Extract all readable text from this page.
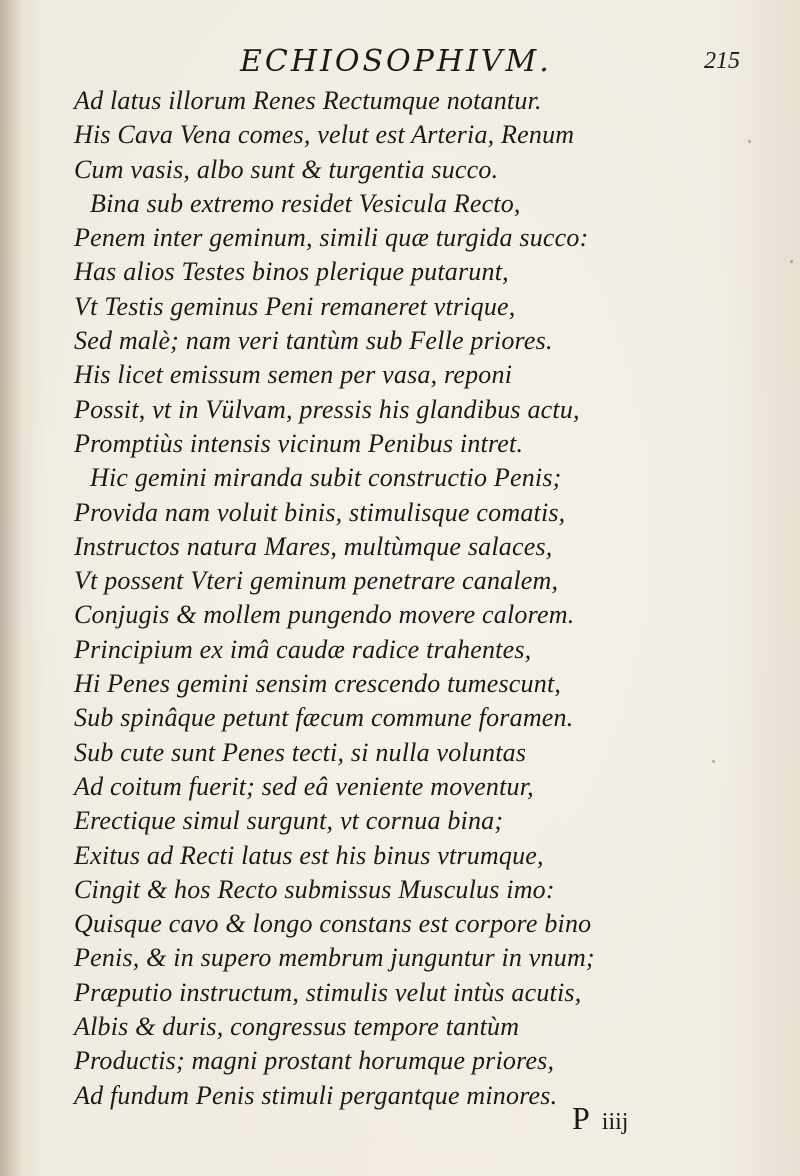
ECHIOSOPHIVM.	215
Ad latus illorum Renes Rectumque notantur.
His Cava Vena comes, velut est Arteria, Renum
Cum vasis, albo sunt & turgentia succo.
Bina sub extremo residet Vesicula Recto,
Penem inter geminum, simili quæ turgida succo:
Has alios Testes binos plerique putarunt,
Vt Testis geminus Peni remaneret vtrique,
Sed malè; nam veri tantùm sub Felle priores.
His licet emissum semen per vasa, reponi
Possit, vt in Vülvam, pressis his glandibus actu,
Promptiùs intensis vicinum Penibus intret.
Hic gemini miranda subit constructio Penis;
Provida nam voluit binis, stimulisque comatis,
Instructos natura Mares, multùmque salaces,
Vt possent Vteri geminum penetrare canalem,
Conjugis & mollem pungendo movere calorem.
Principium ex imâ caudæ radice trahentes,
Hi Penes gemini sensim crescendo tumescunt,
Sub spinâque petunt fæcum commune foramen.
Sub cute sunt Penes tecti, si nulla voluntas
Ad coitum fuerit; sed eâ veniente moventur,
Erectique simul surgunt, vt cornua bina;
Exitus ad Recti latus est his binus vtrumque,
Cingit & hos Recto submissus Musculus imo:
Quisque cavo & longo constans est corpore bino
Penis, & in supero membrum junguntur in vnum;
Præputio instructum, stimulis velut intùs acutis,
Albis & duris, congressus tempore tantùm
Productis; magni prostant horumque priores,
Ad fundum Penis stimuli pergantque minores.
P iiij
